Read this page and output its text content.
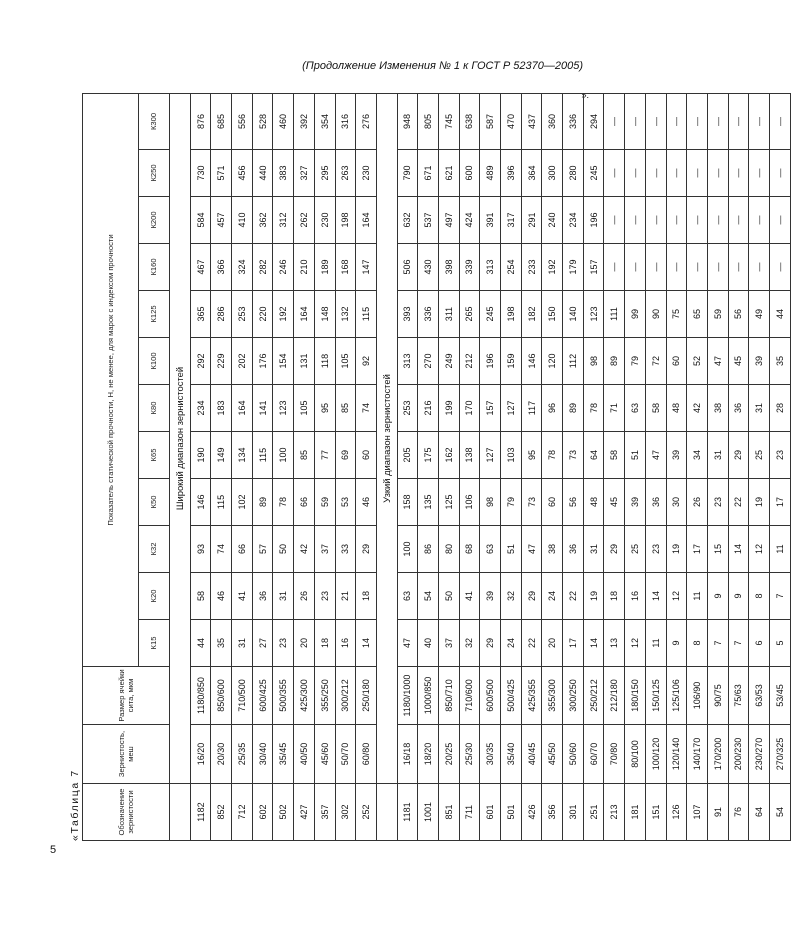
(Продолжение Изменения № 1 к ГОСТ Р 52370—2005)
».
5
«Таблица 7	Обозначение зернистости	Зернистость, меш	Размер ячейки сита, мкм	Показатель статической прочности, Н, не менее, для марок с индексом прочности											
			К15	К20	К32	К50	К65	К80	К100	К125	К160	К200	К250	К300
	Широкий диапазон зернистостей													
1182	16/20	1180/850	44	58	93	146	190	234	292	365	467	584	730	876
852	20/30	850/600	35	46	74	115	149	183	229	286	366	457	571	685
712	25/35	710/500	31	41	66	102	134	164	202	253	324	410	456	556
602	30/40	600/425	27	36	57	89	115	141	176	220	282	362	440	528
502	35/45	500/355	23	31	50	78	100	123	154	192	246	312	383	460
427	40/50	425/300	20	26	42	66	85	105	131	164	210	262	327	392
357	45/60	355/250	18	23	37	59	77	95	118	148	189	230	295	354
302	50/70	300/212	16	21	33	53	69	85	105	132	168	198	263	316
252	60/80	250/180	14	18	29	46	60	74	92	115	147	164	230	276
	Узкий диапазон зернистостей													
1181	16/18	1180/1000	47	63	100	158	205	253	313	393	506	632	790	948
1001	18/20	1000/850	40	54	86	135	175	216	270	336	430	537	671	805
851	20/25	850/710	37	50	80	125	162	199	249	311	398	497	621	745
711	25/30	710/600	32	41	68	106	138	170	212	265	339	424	600	638
601	30/35	600/500	29	39	63	98	127	157	196	245	313	391	489	587
501	35/40	500/425	24	32	51	79	103	127	159	198	254	317	396	470
426	40/45	425/355	22	29	47	73	95	117	146	182	233	291	364	437
356	45/50	355/300	20	24	38	60	78	96	120	150	192	240	300	360
301	50/60	300/250	17	22	36	56	73	89	112	140	179	234	280	336
251	60/70	250/212	14	19	31	48	64	78	98	123	157	196	245	294
213	70/80	212/180	13	18	29	45	58	71	89	111	—	—	—	—
181	80/100	180/150	12	16	25	39	51	63	79	99	—	—	—	—
151	100/120	150/125	11	14	23	36	47	58	72	90	—	—	—	—
126	120/140	125/106	9	12	19	30	39	48	60	75	—	—	—	—
107	140/170	106/90	8	11	17	26	34	42	52	65	—	—	—	—
91	170/200	90/75	7	9	15	23	31	38	47	59	—	—	—	—
76	200/230	75/63	7	9	14	22	29	36	45	56	—	—	—	—
64	230/270	63/53	6	8	12	19	25	31	39	49	—	—	—	—
54	270/325	53/45	5	7	11	17	23	28	35	44	—	—	—	—
